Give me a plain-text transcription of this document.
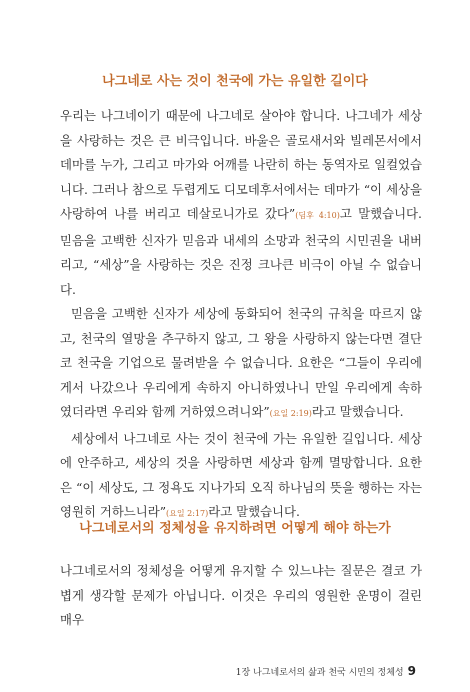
나그네로 사는 것이 천국에 가는 유일한 길이다

우리는 나그네이기 때문에 나그네로 살아야 합니다. 나그네가 세상을 사랑하는 것은 큰 비극입니다. 바울은 골로새서와 빌레몬서에서 데마를 누가, 그리고 마가와 어깨를 나란히 하는 동역자로 일컬었습니다. 그러나 참으로 두렵게도 디모데후서에서는 데마가 “이 세상을 사랑하여 나를 버리고 데살로니가로 갔다”(딤후 4:10)고 말했습니다. 믿음을 고백한 신자가 믿음과 내세의 소망과 천국의 시민권을 내버리고, “세상”을 사랑하는 것은 진정 크나큰 비극이 아닐 수 없습니다.

믿음을 고백한 신자가 세상에 동화되어 천국의 규칙을 따르지 않고, 천국의 열망을 추구하지 않고, 그 왕을 사랑하지 않는다면 결단코 천국을 기업으로 물려받을 수 없습니다. 요한은 “그들이 우리에게서 나갔으나 우리에게 속하지 아니하였나니 만일 우리에게 속하였더라면 우리와 함께 거하였으려니와”(요일 2:19)라고 말했습니다.

세상에서 나그네로 사는 것이 천국에 가는 유일한 길입니다. 세상에 안주하고, 세상의 것을 사랑하면 세상과 함께 멸망합니다. 요한은 “이 세상도, 그 정욕도 지나가되 오직 하나님의 뜻을 행하는 자는 영원히 거하느니라”(요일 2:17)라고 말했습니다.

나그네로서의 정체성을 유지하려면 어떻게 해야 하는가

나그네로서의 정체성을 어떻게 유지할 수 있느냐는 질문은 결코 가볍게 생각할 문제가 아닙니다. 이것은 우리의 영원한 운명이 걸린 매우

1장 나그네로서의 삶과 천국 시민의 정체성 9
